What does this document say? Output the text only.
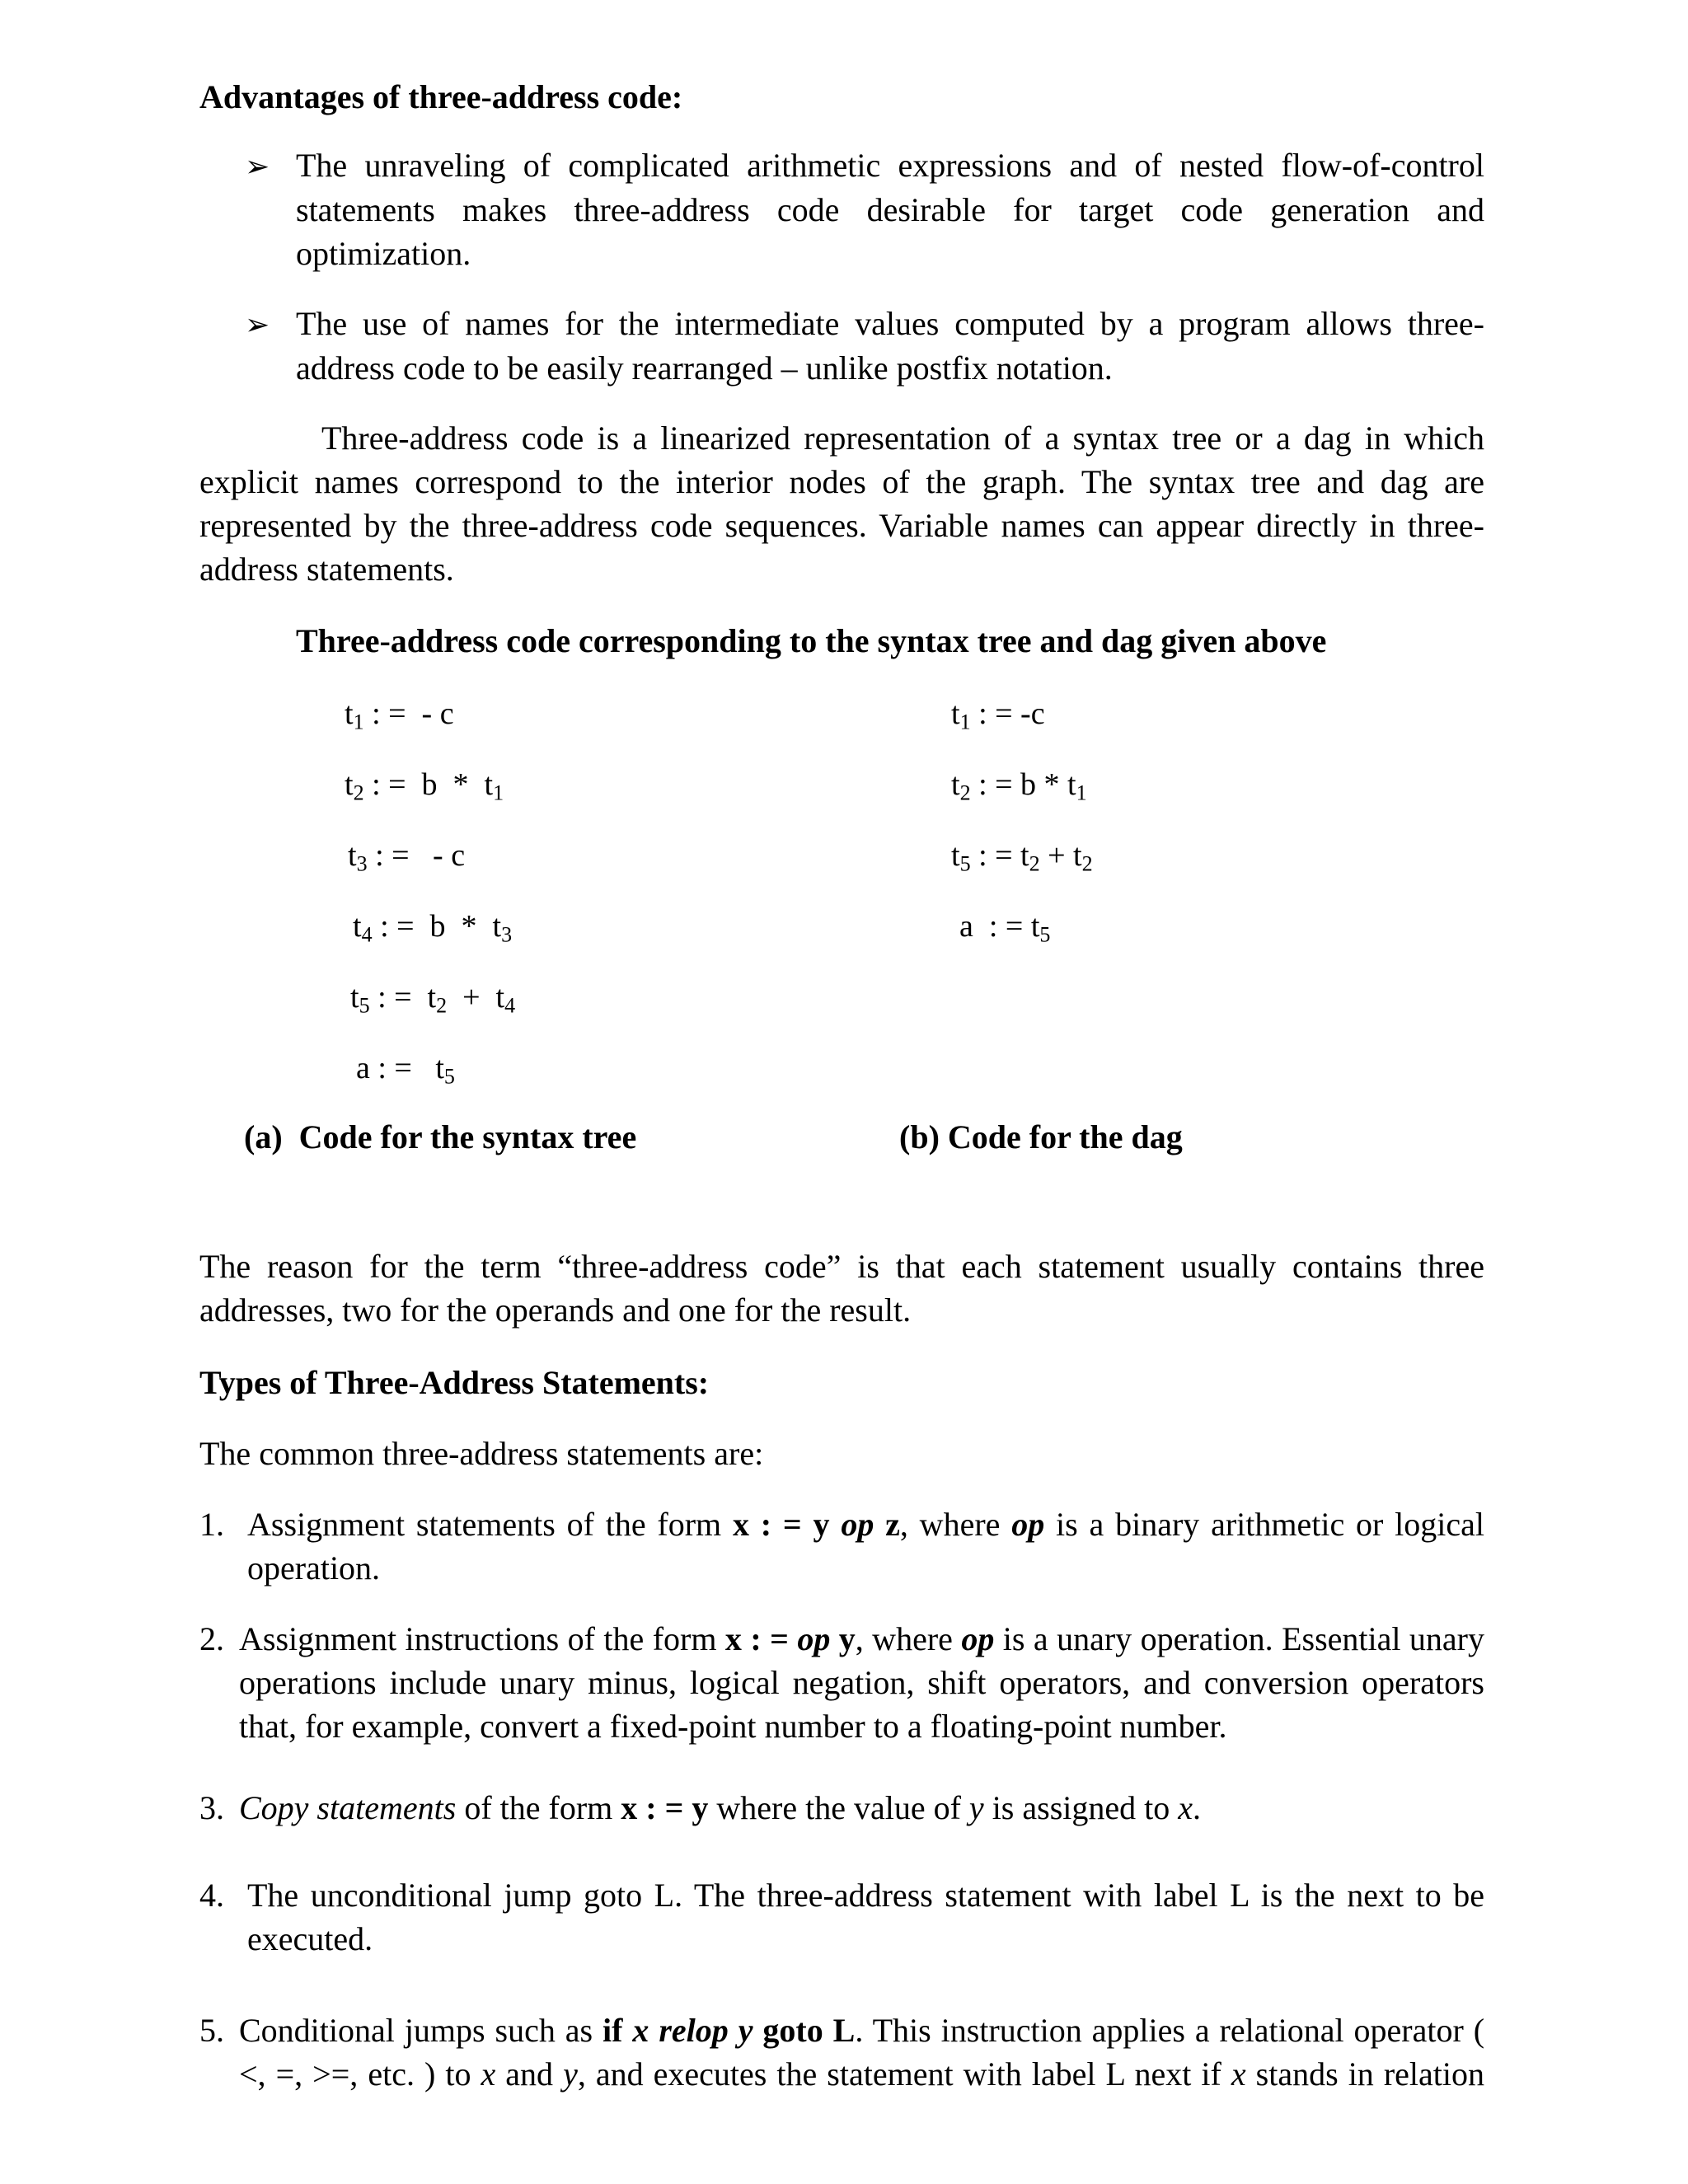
Advantages of three-address code:
➢ The unraveling of complicated arithmetic expressions and of nested flow-of-control
statements makes three-address code desirable for target code generation and
optimization.
➢ The use of names for the intermediate values computed by a program allows three-
address code to be easily rearranged – unlike postfix notation.
Three-address code is a linearized representation of a syntax tree or a dag in which
explicit names correspond to the interior nodes of the graph. The syntax tree and dag are
represented by the three-address code sequences. Variable names can appear directly in three-
address statements.
Three-address code corresponding to the syntax tree and dag given above
$t_1$ : =  - c
$t_2$ : =  b  *  $t_1$
$t_3$ : =   - c
$t_4$ : =  b  *  $t_3$
$t_5$ : =  $t_2 + t_4$
a : =   $t_5$
$t_1$ : = -c
$t_2$ : = b * $t_1$
$t_5$ : = $t_2 + t_2$
a  : = $t_5$
(a)  Code for the syntax tree	(b) Code for the dag
The reason for the term “three-address code” is that each statement usually contains three
addresses, two for the operands and one for the result.
Types of Three-Address Statements:
The common three-address statements are:
1. Assignment statements of the form x : = y op z, where op is a binary arithmetic or logical
operation.
2. Assignment instructions of the form x : = op y, where op is a unary operation. Essential unary
operations include unary minus, logical negation, shift operators, and conversion operators
that, for example, convert a fixed-point number to a floating-point number.
3. Copy statements of the form x : = y where the value of y is assigned to x.
4. The unconditional jump goto L. The three-address statement with label L is the next to be
executed.
5. Conditional jumps such as if x relop y goto L. This instruction applies a relational operator (
<, =, >=, etc. ) to x and y, and executes the statement with label L next if x stands in relation
